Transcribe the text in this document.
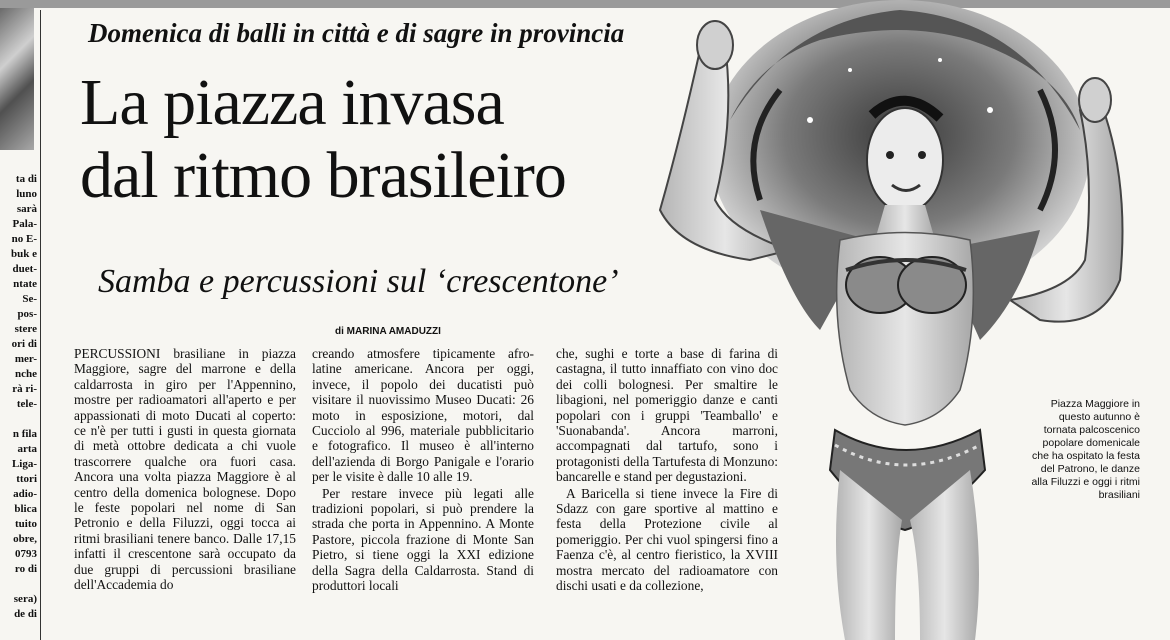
ta di
luno
sarà
Pala-
no E-
buk e
duet-
ntate
Se-
pos-
stere
ori di
mer-
nche
rà ri-
tele-

n fila
arta
Liga-
ttori
adio-
blica
tuito
obre,
0793
ro di

sera)
de di
Domenica di balli in città e di sagre in provincia
La piazza invasa
dal ritmo brasileiro
Samba e percussioni sul ‘crescentone’
di MARINA AMADUZZI

PERCUSSIONI brasiliane in piazza Maggiore, sagre del marrone e della caldarrosta in giro per l'Appennino, mostre per radioamatori all'aperto e per appassionati di moto Ducati al coperto: ce n'è per tutti i gusti in questa giornata di metà ottobre dedicata a chi vuole trascorrere qualche ora fuori casa. Ancora una volta piazza Maggiore è al centro della domenica bolognese. Dopo le feste popolari nel nome di San Petronio e della Filuzzi, oggi tocca ai ritmi brasiliani tenere banco. Dalle 17,15 infatti il crescentone sarà occupato da due gruppi di percussioni brasiliane dell'Accademia do

creando atmosfere tipicamente afro-latine americane. Ancora per oggi, invece, il popolo dei ducatisti può visitare il nuovissimo Museo Ducati: 26 moto in esposizione, motori, dal Cucciolo al 996, materiale pubblicitario e fotografico. Il museo è all'interno dell'azienda di Borgo Panigale e l'orario per le visite è dalle 10 alle 19.

Per restare invece più legati alle tradizioni popolari, si può prendere la strada che porta in Appennino. A Monte Pastore, piccola frazione di Monte San Pietro, si tiene oggi la XXI edizione della Sagra della Caldarrosta. Stand di produttori locali

che, sughi e torte a base di farina di castagna, il tutto innaffiato con vino doc dei colli bolognesi. Per smaltire le libagioni, nel pomeriggio danze e canti popolari con i gruppi 'Teamballo' e 'Suonabanda'. Ancora marroni, accompagnati dal tartufo, sono i protagonisti della Tartufesta di Monzuno: bancarelle e stand per degustazioni.

A Baricella si tiene invece la Fire di Sdazz con gare sportive al mattino e festa della Protezione civile al pomeriggio. Per chi vuol spingersi fino a Faenza c'è, al centro fieristico, la XVIII mostra mercato del radioamatore con dischi usati e da collezione,

Piazza Maggiore in questo autunno è tornata palcoscenico popolare domenicale che ha ospitato la festa del Patrono, le danze alla Filuzzi e oggi i ritmi brasiliani
